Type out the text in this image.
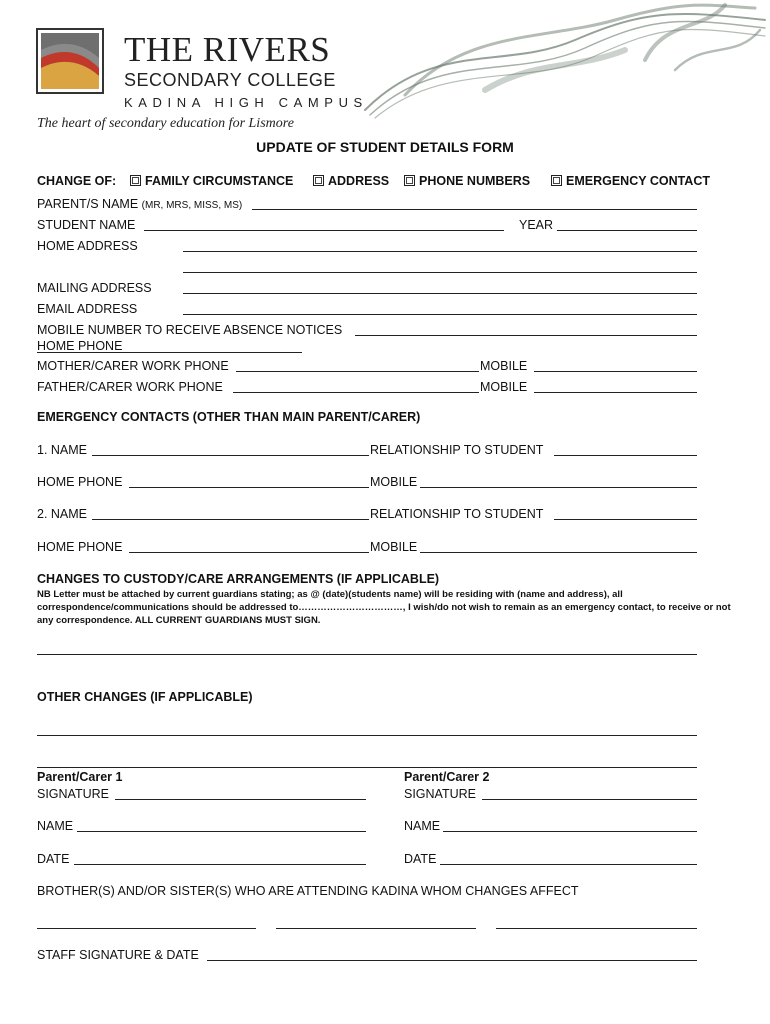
THE RIVERS
SECONDARY COLLEGE
KADINA HIGH CAMPUS
The heart of secondary education for Lismore
UPDATE OF STUDENT DETAILS FORM
CHANGE OF:	FAMILY CIRCUMSTANCE	ADDRESS	PHONE NUMBERS	EMERGENCY CONTACT
PARENT/S NAME (MR, MRS, MISS, MS)
STUDENT NAME	YEAR
HOME ADDRESS
MAILING ADDRESS
EMAIL ADDRESS
MOBILE NUMBER TO RECEIVE ABSENCE NOTICES
HOME PHONE
MOTHER/CARER WORK PHONE	MOBILE
FATHER/CARER WORK PHONE	MOBILE
EMERGENCY CONTACTS (OTHER THAN MAIN PARENT/CARER)
1. NAME	RELATIONSHIP TO STUDENT
HOME PHONE	MOBILE
2. NAME	RELATIONSHIP TO STUDENT
HOME PHONE	MOBILE
CHANGES TO CUSTODY/CARE ARRANGEMENTS (IF APPLICABLE)
NB Letter must be attached by current guardians stating; as @ (date)(students name) will be residing with (name and address), all correspondence/communications should be addressed to……………………………, I wish/do not wish to remain as an emergency contact, to receive or not any correspondence. ALL CURRENT GUARDIANS MUST SIGN.
OTHER CHANGES (IF APPLICABLE)
Parent/Carer 1	Parent/Carer 2
SIGNATURE	SIGNATURE
NAME	NAME
DATE	DATE
BROTHER(S) AND/OR SISTER(S) WHO ARE ATTENDING KADINA WHOM CHANGES AFFECT
STAFF SIGNATURE & DATE
